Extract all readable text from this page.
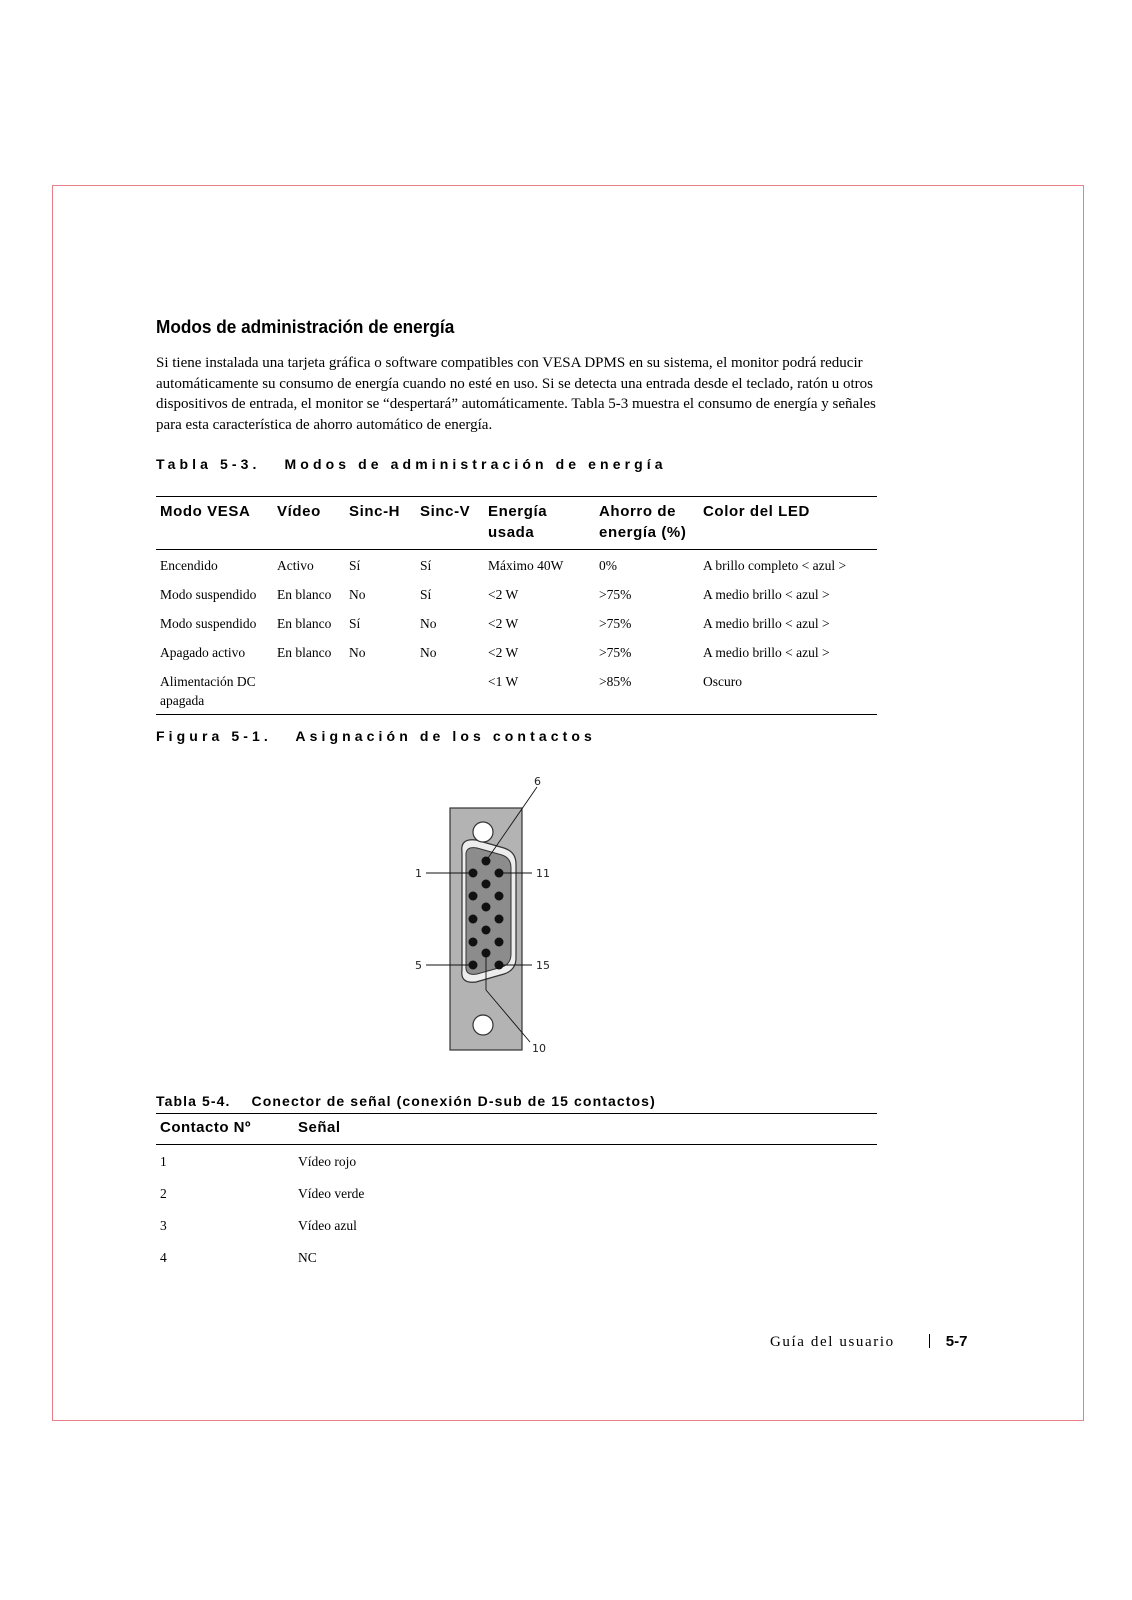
Modos de administración de energía

Si tiene instalada una tarjeta gráfica o software compatibles con VESA DPMS en su sistema, el monitor podrá reducir automáticamente su consumo de energía cuando no esté en uso. Si se detecta una entrada desde el teclado, ratón u otros dispositivos de entrada, el monitor se “despertará” automáticamente. Tabla 5-3 muestra el consumo de energía y señales para esta característica de ahorro automático de energía.

Tabla 5-3. Modos de administración de energía
Modo VESA	Vídeo	Sinc-H	Sinc-V	Energía usada	Ahorro de energía (%)	Color del LED
Encendido	Activo	Sí	Sí	Máximo 40W	0%	A brillo completo < azul >
Modo suspendido	En blanco	No	Sí	<2 W	>75%	A medio brillo < azul >
Modo suspendido	En blanco	Sí	No	<2 W	>75%	A medio brillo < azul >
Apagado activo	En blanco	No	No	<2 W	>75%	A medio brillo < azul >
Alimentación DC apagada				<1 W	>85%	Oscuro
Figura 5-1. Asignación de los contactos
6
1	11
5	15
10
Tabla 5-4. Conector de señal (conexión D-sub de 15 contactos)
Contacto Nº	Señal
1	Vídeo rojo
2	Vídeo verde
3	Vídeo azul
4	NC
Guía del usuario	5-7
